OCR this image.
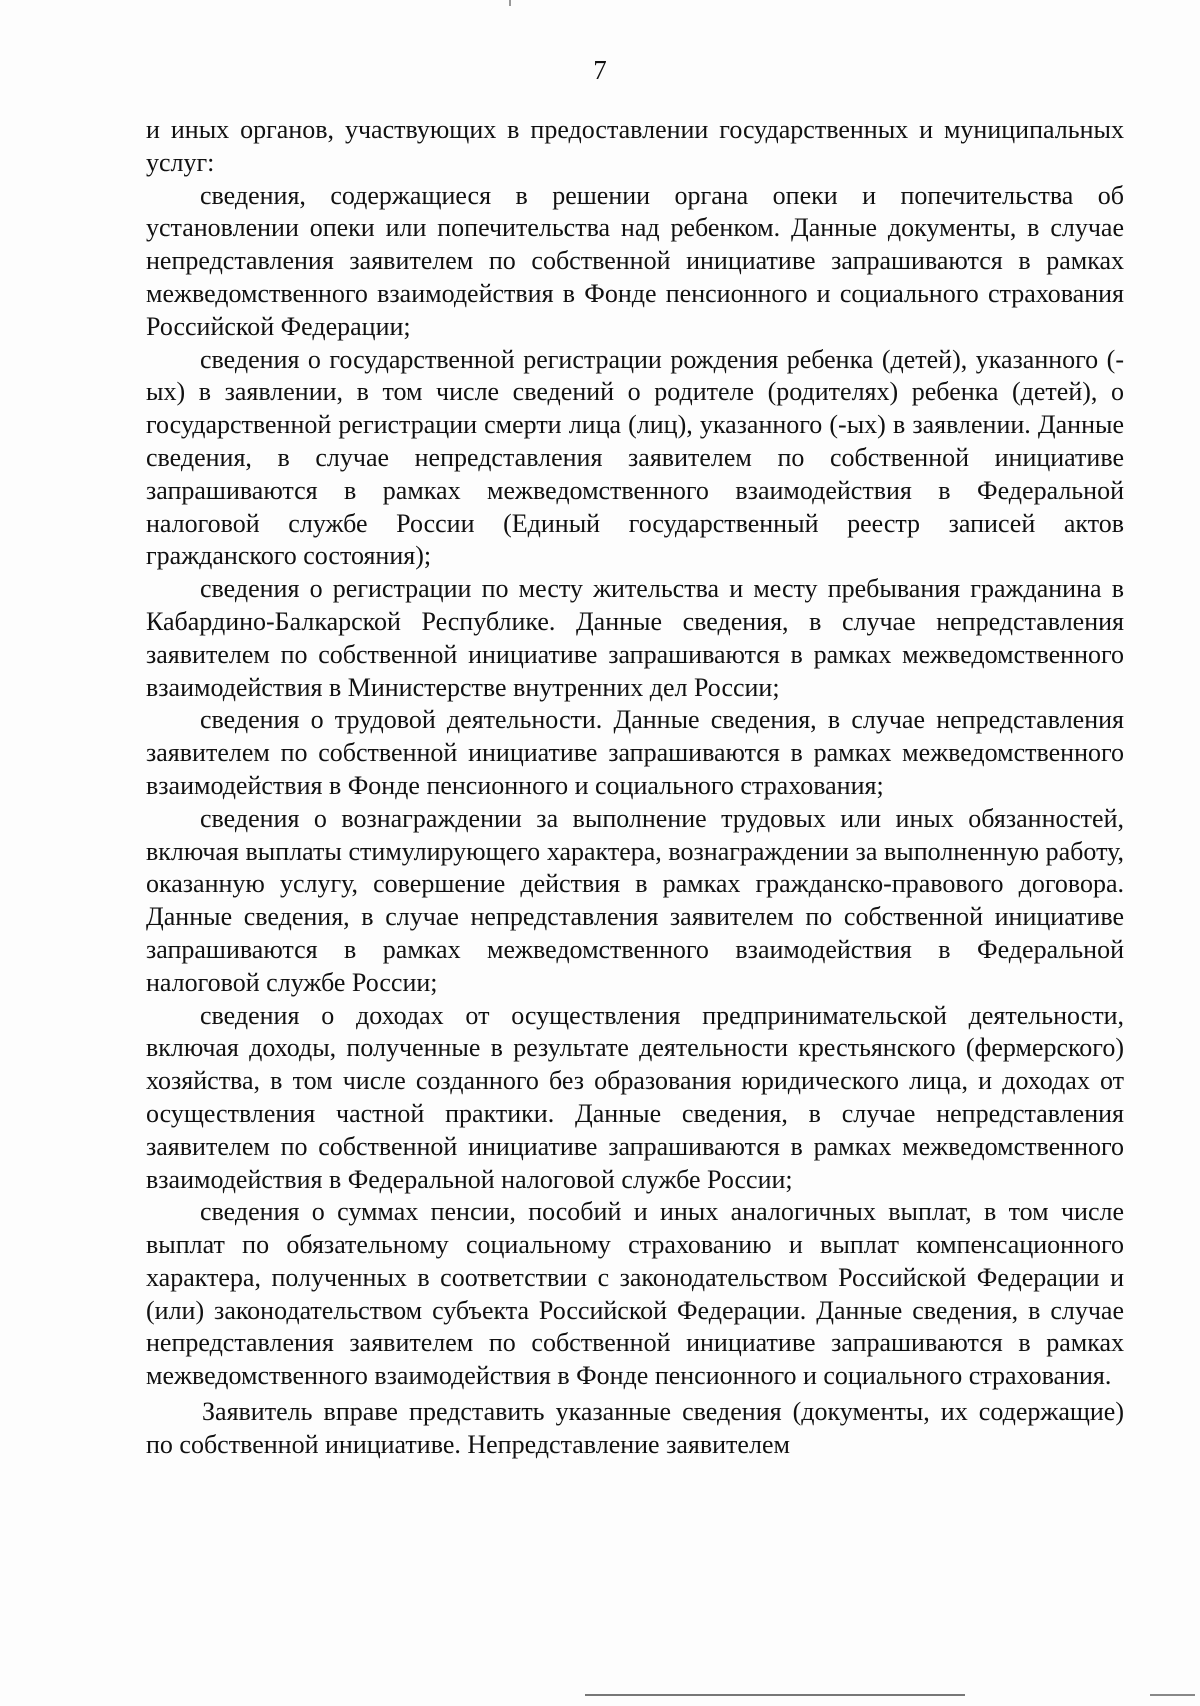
7

и иных органов, участвующих в предоставлении государственных и муниципальных услуг:

сведения, содержащиеся в решении органа опеки и попечительства об установлении опеки или попечительства над ребенком. Данные документы, в случае непредставления заявителем по собственной инициативе запрашиваются в рамках межведомственного взаимодействия в Фонде пенсионного и социального страхования Российской Федерации;

сведения о государственной регистрации рождения ребенка (детей), указанного (-ых) в заявлении, в том числе сведений о родителе (родителях) ребенка (детей), о государственной регистрации смерти лица (лиц), указанного (-ых) в заявлении. Данные сведения, в случае непредставления заявителем по собственной инициативе запрашиваются в рамках межведомственного взаимодействия в Федеральной налоговой службе России (Единый государственный реестр записей актов гражданского состояния);

сведения о регистрации по месту жительства и месту пребывания гражданина в Кабардино-Балкарской Республике. Данные сведения, в случае непредставления заявителем по собственной инициативе запрашиваются в рамках межведомственного взаимодействия в Министерстве внутренних дел России;

сведения о трудовой деятельности. Данные сведения, в случае непредставления заявителем по собственной инициативе запрашиваются в рамках межведомственного взаимодействия в Фонде пенсионного и социального страхования;

сведения о вознаграждении за выполнение трудовых или иных обязанностей, включая выплаты стимулирующего характера, вознаграждении за выполненную работу, оказанную услугу, совершение действия в рамках гражданско-правового договора. Данные сведения, в случае непредставления заявителем по собственной инициативе запрашиваются в рамках межведомственного взаимодействия в Федеральной налоговой службе России;

сведения о доходах от осуществления предпринимательской деятельности, включая доходы, полученные в результате деятельности крестьянского (фермерского) хозяйства, в том числе созданного без образования юридического лица, и доходах от осуществления частной практики. Данные сведения, в случае непредставления заявителем по собственной инициативе запрашиваются в рамках межведомственного взаимодействия в Федеральной налоговой службе России;

сведения о суммах пенсии, пособий и иных аналогичных выплат, в том числе выплат по обязательному социальному страхованию и выплат компенсационного характера, полученных в соответствии с законодательством Российской Федерации и (или) законодательством субъекта Российской Федерации. Данные сведения, в случае непредставления заявителем по собственной инициативе запрашиваются в рамках межведомственного взаимодействия в Фонде пенсионного и социального страхования.

Заявитель вправе представить указанные сведения (документы, их содержащие) по собственной инициативе. Непредставление заявителем
